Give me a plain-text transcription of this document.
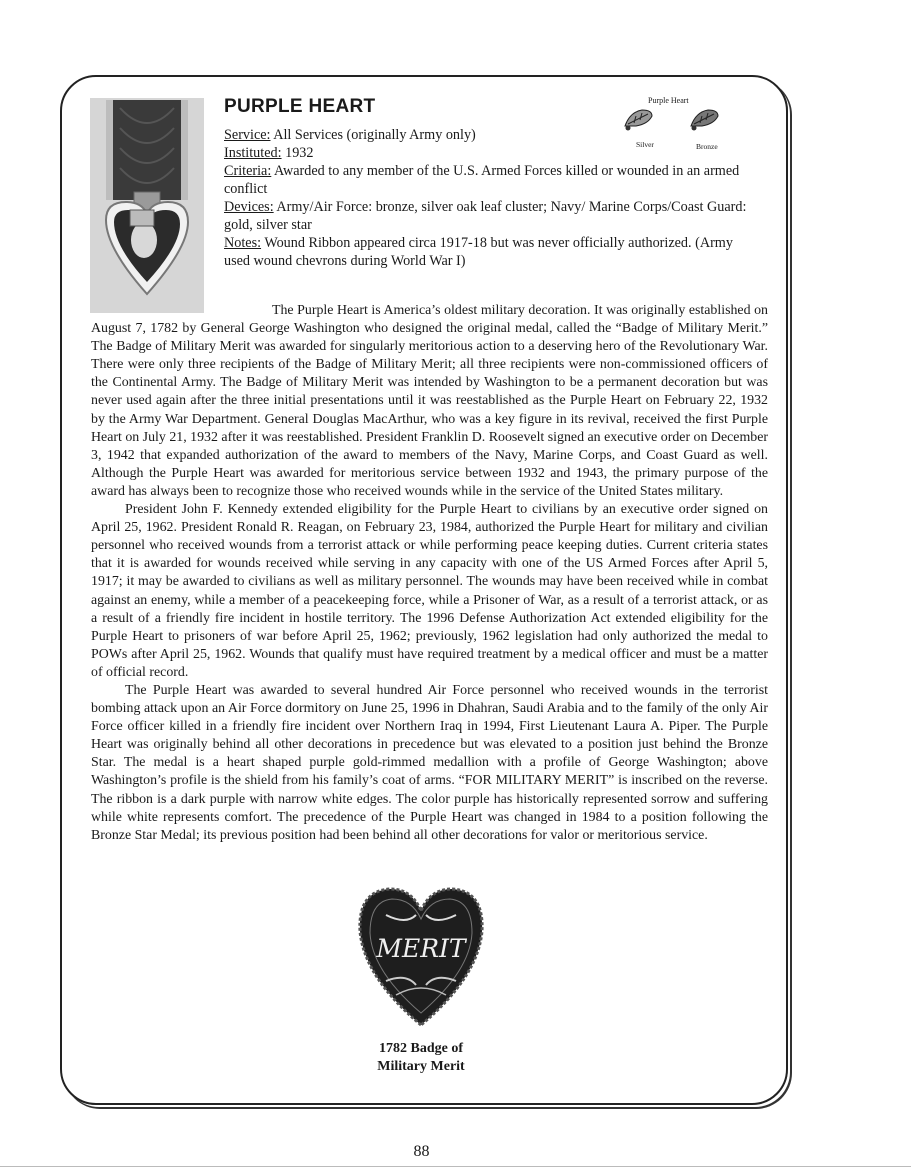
PURPLE HEART	Purple Heart
Silver	Bronze

Service: All Services (originally Army only)

Instituted: 1932

Criteria: Awarded to any member of the U.S. Armed Forces killed or wounded in an armed conflict

Devices: Army/Air Force: bronze, silver oak leaf cluster; Navy/ Marine Corps/Coast Guard: gold, silver star

Notes: Wound Ribbon appeared circa 1917-18 but was never officially authorized. (Army used wound chevrons during World War I)

The Purple Heart is America’s oldest military decoration. It was originally established on August 7, 1782 by General George Washington who designed the original medal, called the “Badge of Military Merit.” The Badge of Military Merit was awarded for singularly meritorious action to a deserving hero of the Revolutionary War. There were only three recipients of the Badge of Military Merit; all three recipients were non-commissioned officers of the Continental Army. The Badge of Military Merit was intended by Washington to be a permanent decoration but was never used again after the three initial presentations until it was reestablished as the Purple Heart on February 22, 1932 by the Army War Department. General Douglas MacArthur, who was a key figure in its revival, received the first Purple Heart on July 21, 1932 after it was reestablished. President Franklin D. Roosevelt signed an executive order on December 3, 1942 that expanded authorization of the award to members of the Navy, Marine Corps, and Coast Guard as well. Although the Purple Heart was awarded for meritorious service between 1932 and 1943, the primary purpose of the award has always been to recognize those who received wounds while in the service of the United States military.

President John F. Kennedy extended eligibility for the Purple Heart to civilians by an executive order signed on April 25, 1962. President Ronald R. Reagan, on February 23, 1984, authorized the Purple Heart for military and civilian personnel who received wounds from a terrorist attack or while performing peace keeping duties. Current criteria states that it is awarded for wounds received while serving in any capacity with one of the US Armed Forces after April 5, 1917; it may be awarded to civilians as well as military personnel. The wounds may have been received while in combat against an enemy, while a member of a peacekeeping force, while a Prisoner of War, as a result of a terrorist attack, or as a result of a friendly fire incident in hostile territory. The 1996 Defense Authorization Act extended eligibility for the Purple Heart to prisoners of war before April 25, 1962; previously, 1962 legislation had only authorized the medal to POWs after April 25, 1962. Wounds that qualify must have required treatment by a medical officer and must be a matter of official record.

The Purple Heart was awarded to several hundred Air Force personnel who received wounds in the terrorist bombing attack upon an Air Force dormitory on June 25, 1996 in Dhahran, Saudi Arabia and to the family of the only Air Force officer killed in a friendly fire incident over Northern Iraq in 1994, First Lieutenant Laura A. Piper. The Purple Heart was originally behind all other decorations in precedence but was elevated to a position just behind the Bronze Star. The medal is a heart shaped purple gold-rimmed medallion with a profile of George Washington; above Washington’s profile is the shield from his family’s coat of arms. “FOR MILITARY MERIT” is inscribed on the reverse. The ribbon is a dark purple with narrow white edges. The color purple has historically represented sorrow and suffering while white represents comfort. The precedence of the Purple Heart was changed in 1984 to a position following the Bronze Star Medal; its previous position had been behind all other decorations for valor or meritorious service.

MERIT
1782 Badge of
Military Merit
88
